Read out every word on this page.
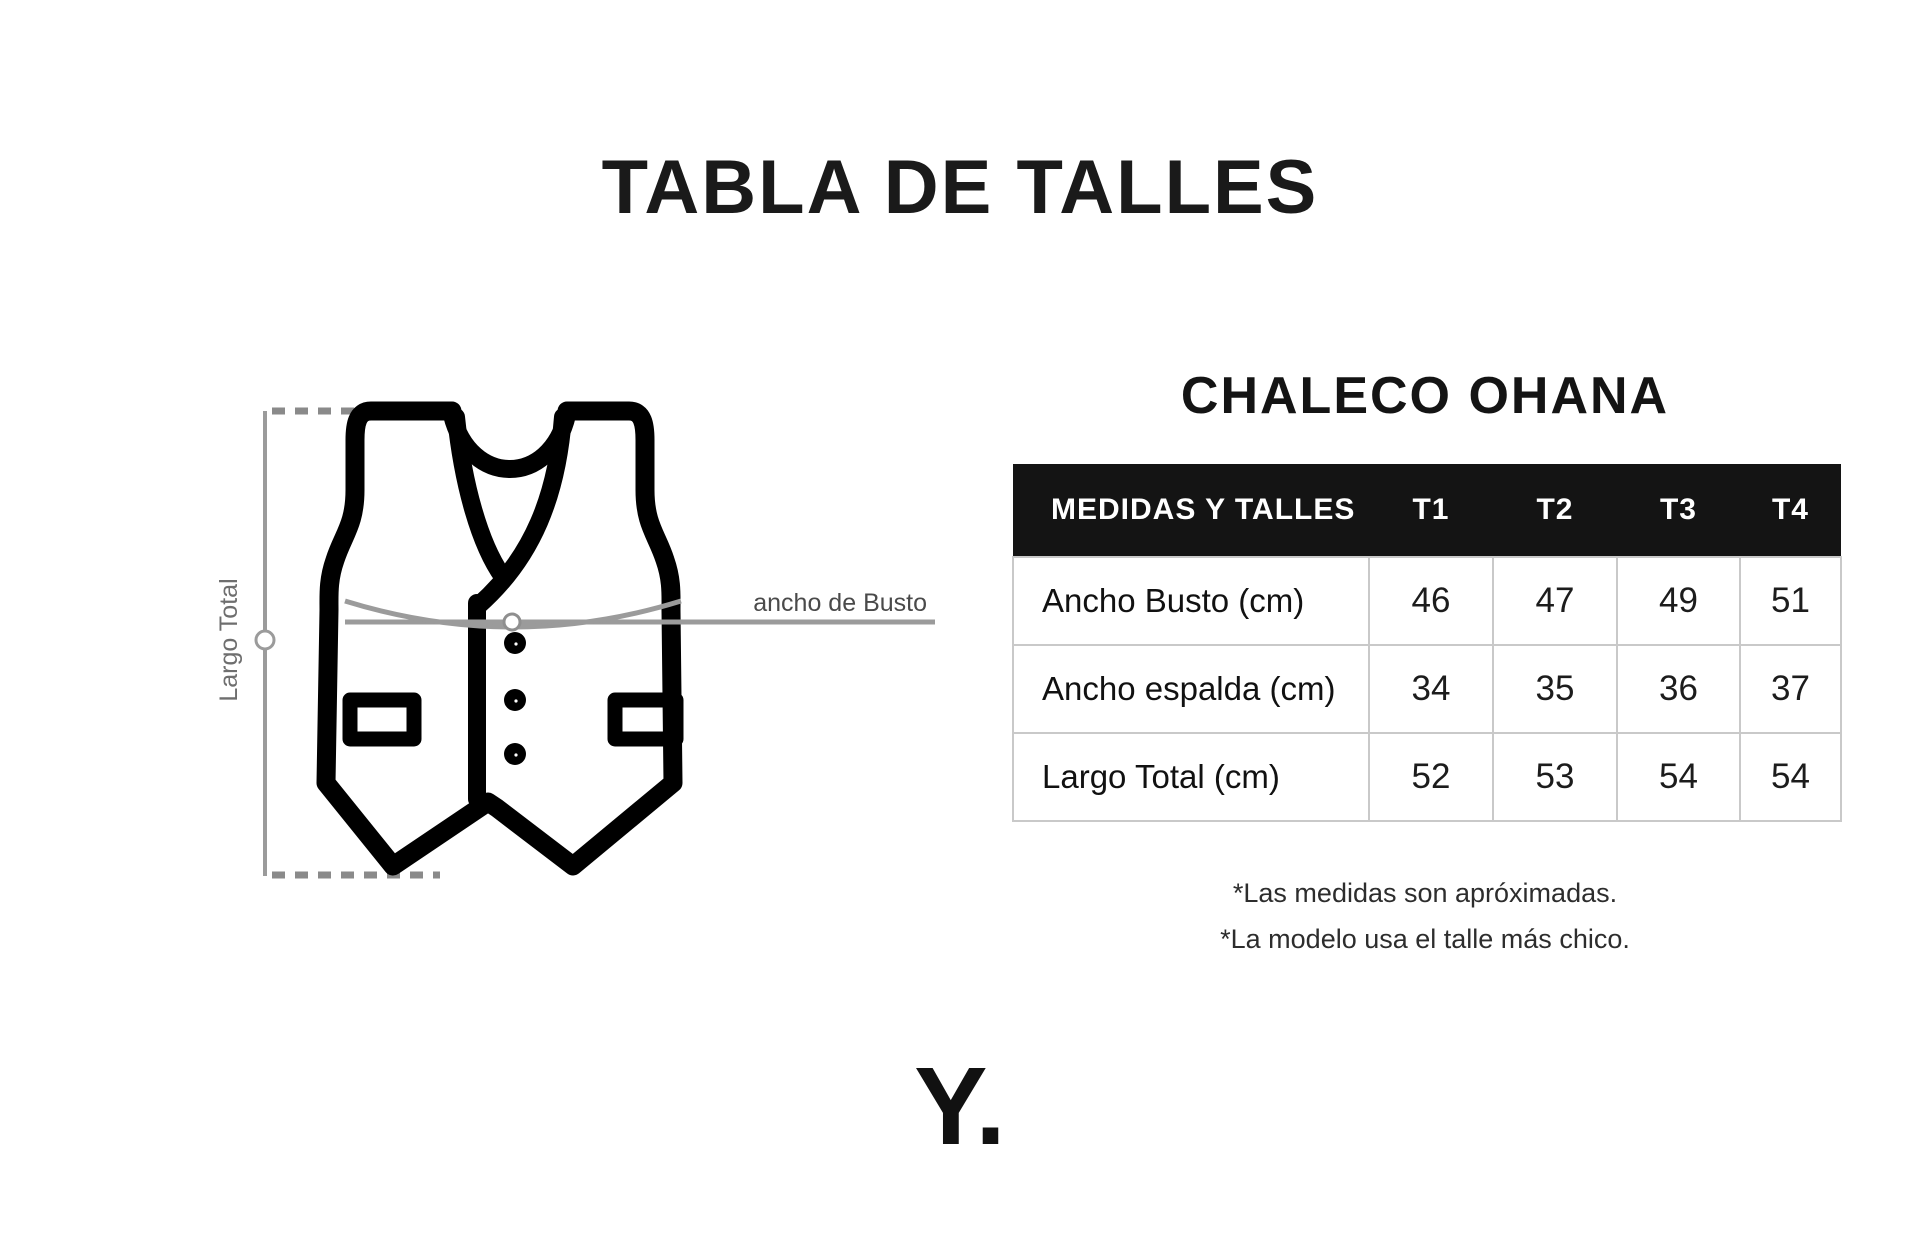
TABLA DE TALLES
Largo Total	ancho de Busto
CHALECO OHANA
MEDIDAS Y TALLES	T1	T2	T3	T4
Ancho Busto (cm)	46	47	49	51
Ancho espalda (cm)	34	35	36	37
Largo Total (cm)	52	53	54	54
*Las medidas son apróximadas.
*La modelo usa el talle más chico.
Y.
